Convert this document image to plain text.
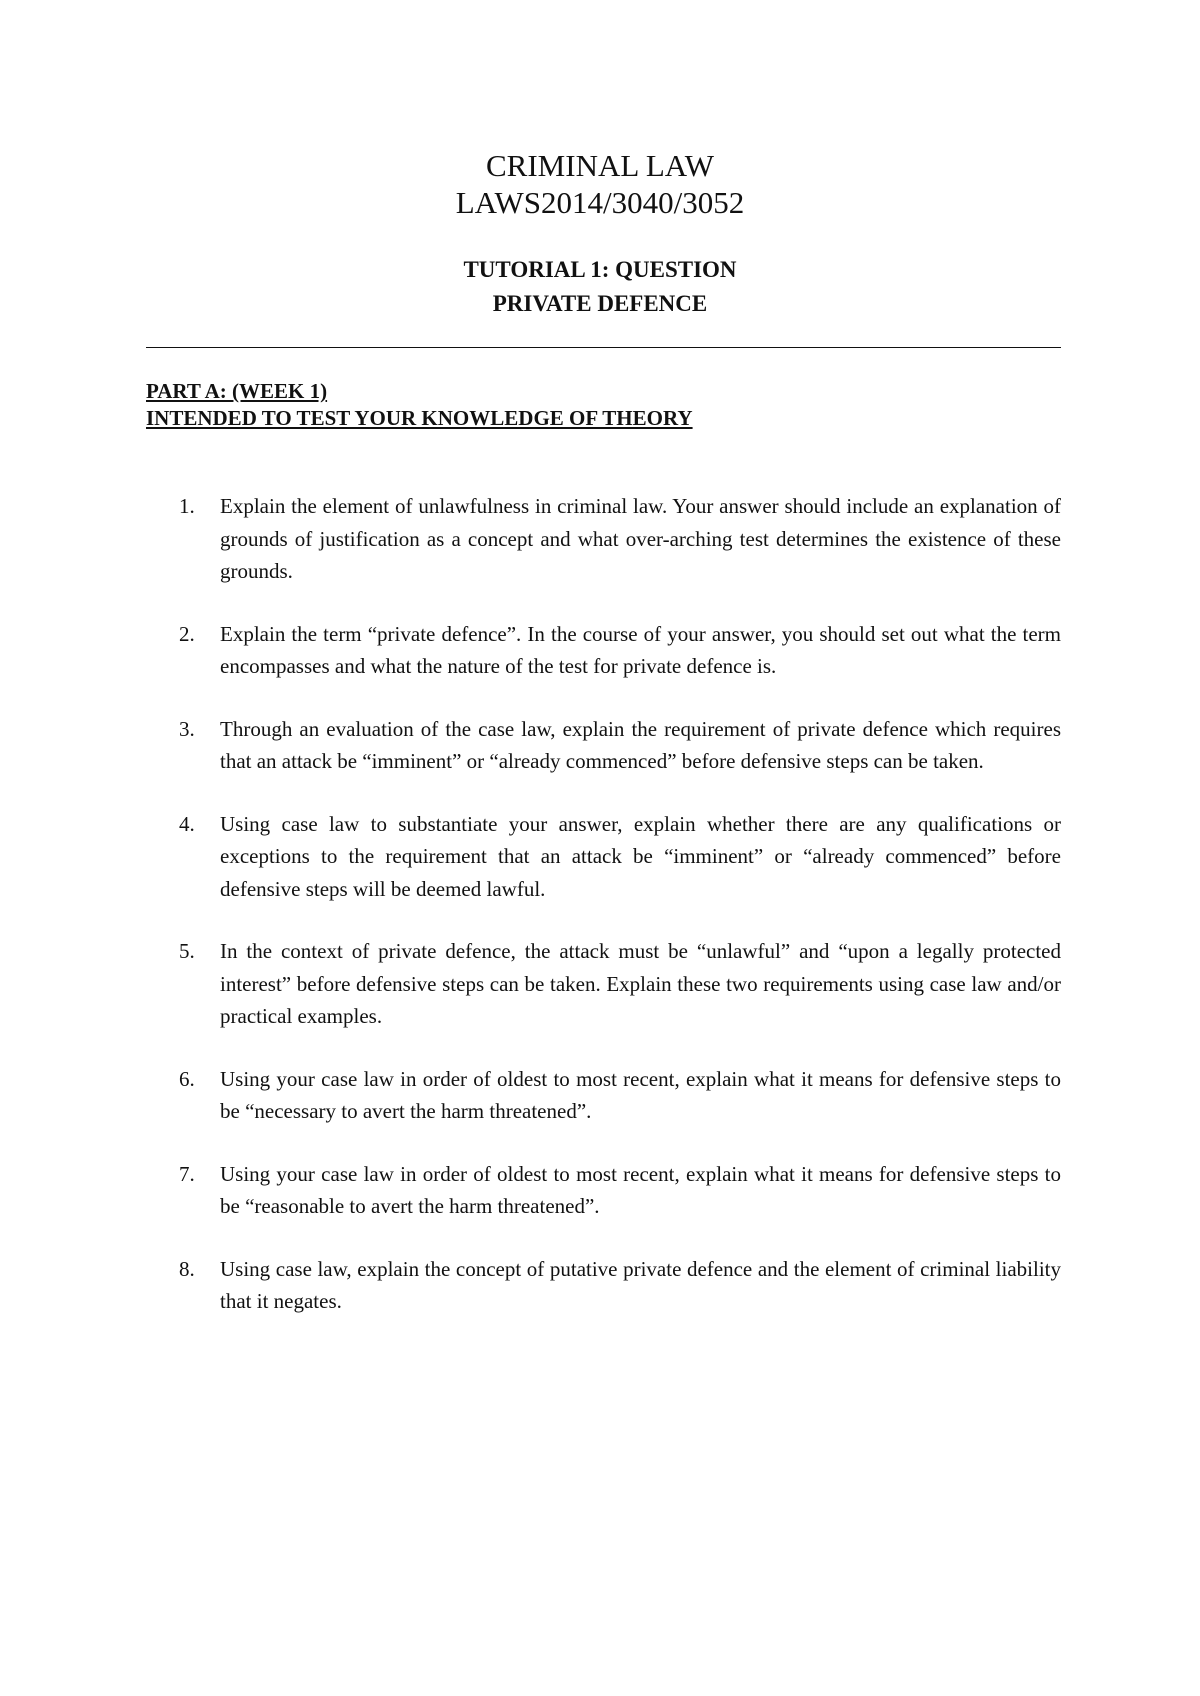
CRIMINAL LAW
LAWS2014/3040/3052
TUTORIAL 1: QUESTION
PRIVATE DEFENCE
PART A: (WEEK 1)
INTENDED TO TEST YOUR KNOWLEDGE OF THEORY
1. Explain the element of unlawfulness in criminal law. Your answer should include an explanation of grounds of justification as a concept and what over-arching test determines the existence of these grounds.
2. Explain the term “private defence”. In the course of your answer, you should set out what the term encompasses and what the nature of the test for private defence is.
3. Through an evaluation of the case law, explain the requirement of private defence which requires that an attack be “imminent” or “already commenced” before defensive steps can be taken.
4. Using case law to substantiate your answer, explain whether there are any qualifications or exceptions to the requirement that an attack be “imminent” or “already commenced” before defensive steps will be deemed lawful.
5. In the context of private defence, the attack must be “unlawful” and “upon a legally protected interest” before defensive steps can be taken. Explain these two requirements using case law and/or practical examples.
6. Using your case law in order of oldest to most recent, explain what it means for defensive steps to be “necessary to avert the harm threatened”.
7. Using your case law in order of oldest to most recent, explain what it means for defensive steps to be “reasonable to avert the harm threatened”.
8. Using case law, explain the concept of putative private defence and the element of criminal liability that it negates.
